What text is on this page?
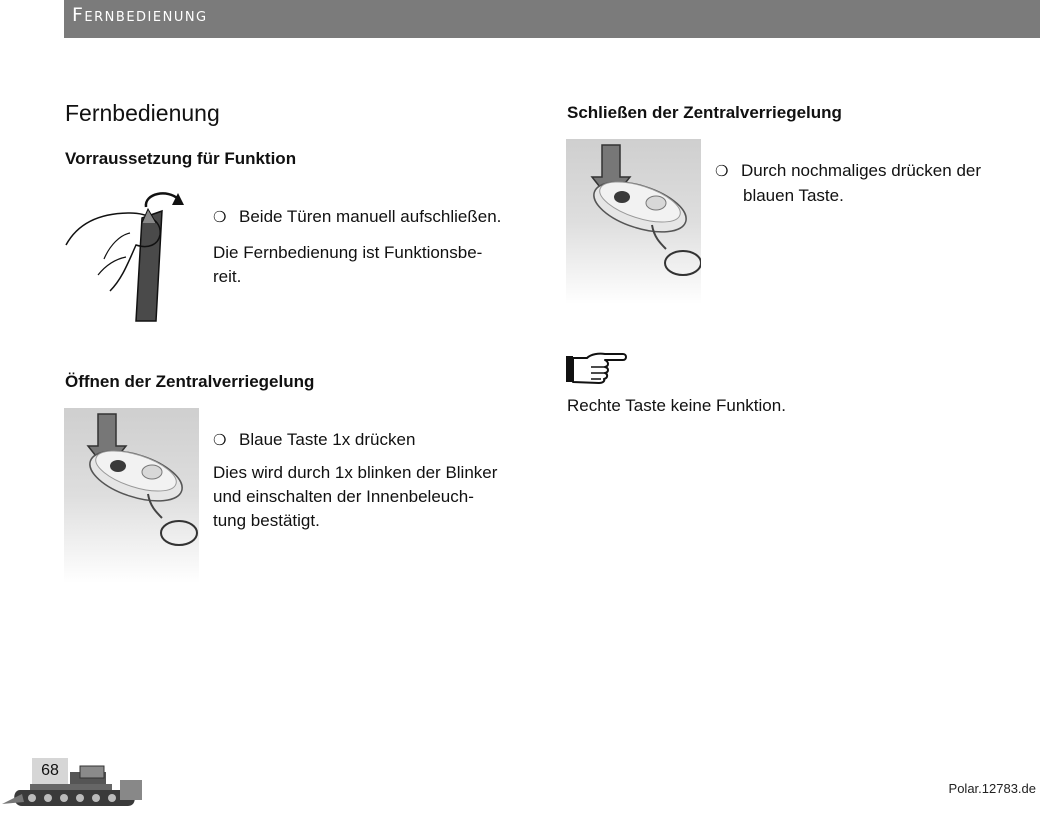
Fernbedienung
Fernbedienung
Vorraussetzung für Funktion
❍ Beide Türen manuell aufschließen.

Die Fernbedienung ist Funktionsbe-

reit.

Öffnen der Zentralverriegelung
❍ Blaue Taste 1x drücken

Dies wird durch 1x blinken der Blinker

und einschalten der Innenbeleuch-

tung bestätigt.

Schließen der Zentralverriegelung
❍ Durch nochmaliges drücken der
blauen Taste.

Rechte Taste keine Funktion.

68
Polar.12783.de
